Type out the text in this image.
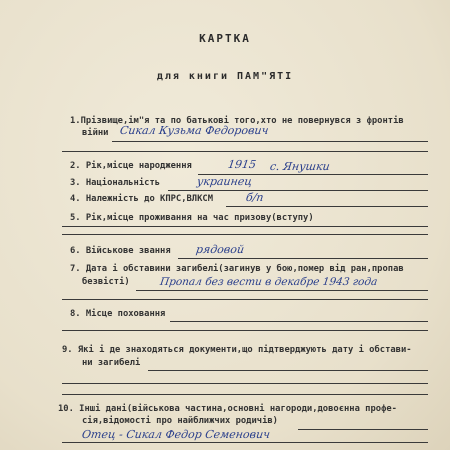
КАРТКА
для книги ПАМ"ЯТІ
1.Прізвище,ім"я та по батькові того,хто не повернувся з фронтів
війни Сикал Кузьма Федорович
2. Рік,місце народження	1915 с. Янушки
3. Національність	украинец
4. Належність до КПРС,ВЛКСМ	б/п
5. Рік,місце проживання на час призову(вступу)
6. Військове звання рядовой
7. Дата і обставини загибелі(загинув у бою,помер від ран,пропав
безвісті)	Пропал без вести в декабре 1943 года
8. Місце поховання
9. Які і де знаходяться документи,що підтверджують дату і обстави-
ни загибелі
10. Інші дані(військова частина,основні нагороди,довоєнна профе-
сія,відомості про найближчих родичів)
Отец - Сикал Федор Семенович
